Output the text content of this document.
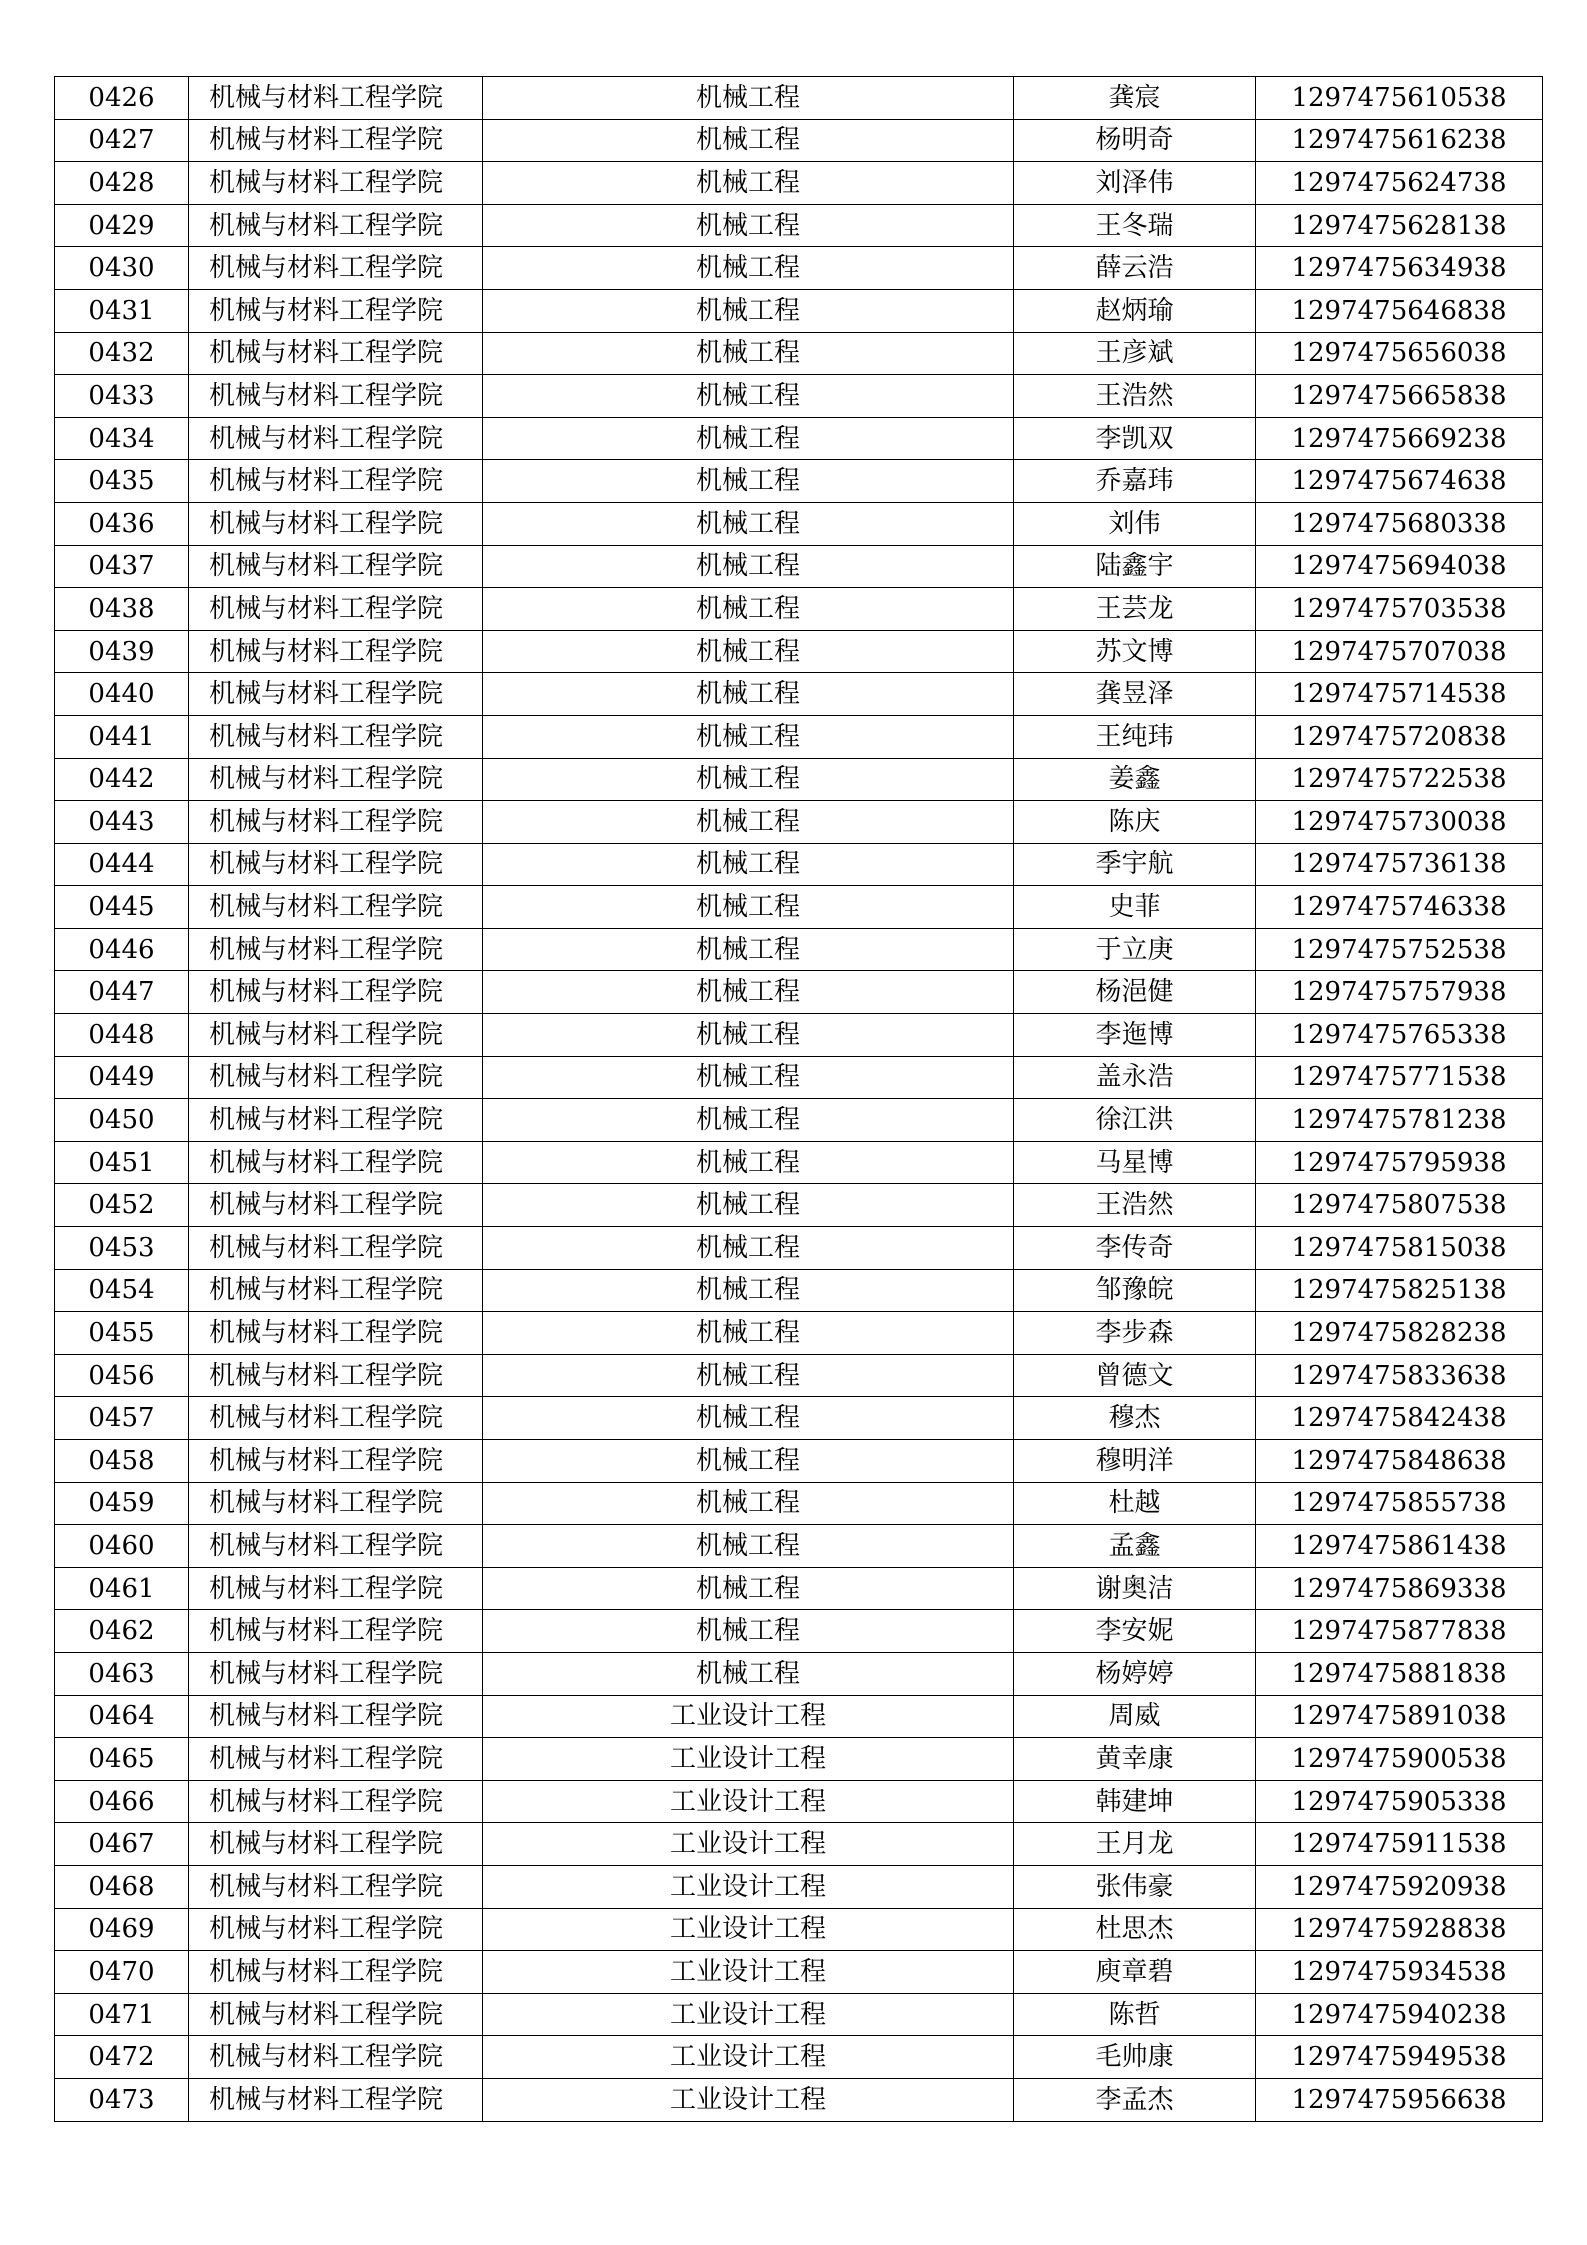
0426	机械与材料工程学院	机械工程	龚宸	1297475610538
0427	机械与材料工程学院	机械工程	杨明奇	1297475616238
0428	机械与材料工程学院	机械工程	刘泽伟	1297475624738
0429	机械与材料工程学院	机械工程	王冬瑞	1297475628138
0430	机械与材料工程学院	机械工程	薛云浩	1297475634938
0431	机械与材料工程学院	机械工程	赵炳瑜	1297475646838
0432	机械与材料工程学院	机械工程	王彦斌	1297475656038
0433	机械与材料工程学院	机械工程	王浩然	1297475665838
0434	机械与材料工程学院	机械工程	李凯双	1297475669238
0435	机械与材料工程学院	机械工程	乔嘉玮	1297475674638
0436	机械与材料工程学院	机械工程	刘伟	1297475680338
0437	机械与材料工程学院	机械工程	陆鑫宇	1297475694038
0438	机械与材料工程学院	机械工程	王芸龙	1297475703538
0439	机械与材料工程学院	机械工程	苏文博	1297475707038
0440	机械与材料工程学院	机械工程	龚昱泽	1297475714538
0441	机械与材料工程学院	机械工程	王纯玮	1297475720838
0442	机械与材料工程学院	机械工程	姜鑫	1297475722538
0443	机械与材料工程学院	机械工程	陈庆	1297475730038
0444	机械与材料工程学院	机械工程	季宇航	1297475736138
0445	机械与材料工程学院	机械工程	史菲	1297475746338
0446	机械与材料工程学院	机械工程	于立庚	1297475752538
0447	机械与材料工程学院	机械工程	杨浥健	1297475757938
0448	机械与材料工程学院	机械工程	李迤博	1297475765338
0449	机械与材料工程学院	机械工程	盖永浩	1297475771538
0450	机械与材料工程学院	机械工程	徐江洪	1297475781238
0451	机械与材料工程学院	机械工程	马星博	1297475795938
0452	机械与材料工程学院	机械工程	王浩然	1297475807538
0453	机械与材料工程学院	机械工程	李传奇	1297475815038
0454	机械与材料工程学院	机械工程	邹豫皖	1297475825138
0455	机械与材料工程学院	机械工程	李步森	1297475828238
0456	机械与材料工程学院	机械工程	曾德文	1297475833638
0457	机械与材料工程学院	机械工程	穆杰	1297475842438
0458	机械与材料工程学院	机械工程	穆明洋	1297475848638
0459	机械与材料工程学院	机械工程	杜越	1297475855738
0460	机械与材料工程学院	机械工程	孟鑫	1297475861438
0461	机械与材料工程学院	机械工程	谢奥洁	1297475869338
0462	机械与材料工程学院	机械工程	李安妮	1297475877838
0463	机械与材料工程学院	机械工程	杨婷婷	1297475881838
0464	机械与材料工程学院	工业设计工程	周威	1297475891038
0465	机械与材料工程学院	工业设计工程	黄幸康	1297475900538
0466	机械与材料工程学院	工业设计工程	韩建坤	1297475905338
0467	机械与材料工程学院	工业设计工程	王月龙	1297475911538
0468	机械与材料工程学院	工业设计工程	张伟豪	1297475920938
0469	机械与材料工程学院	工业设计工程	杜思杰	1297475928838
0470	机械与材料工程学院	工业设计工程	庾章碧	1297475934538
0471	机械与材料工程学院	工业设计工程	陈哲	1297475940238
0472	机械与材料工程学院	工业设计工程	毛帅康	1297475949538
0473	机械与材料工程学院	工业设计工程	李孟杰	1297475956638
